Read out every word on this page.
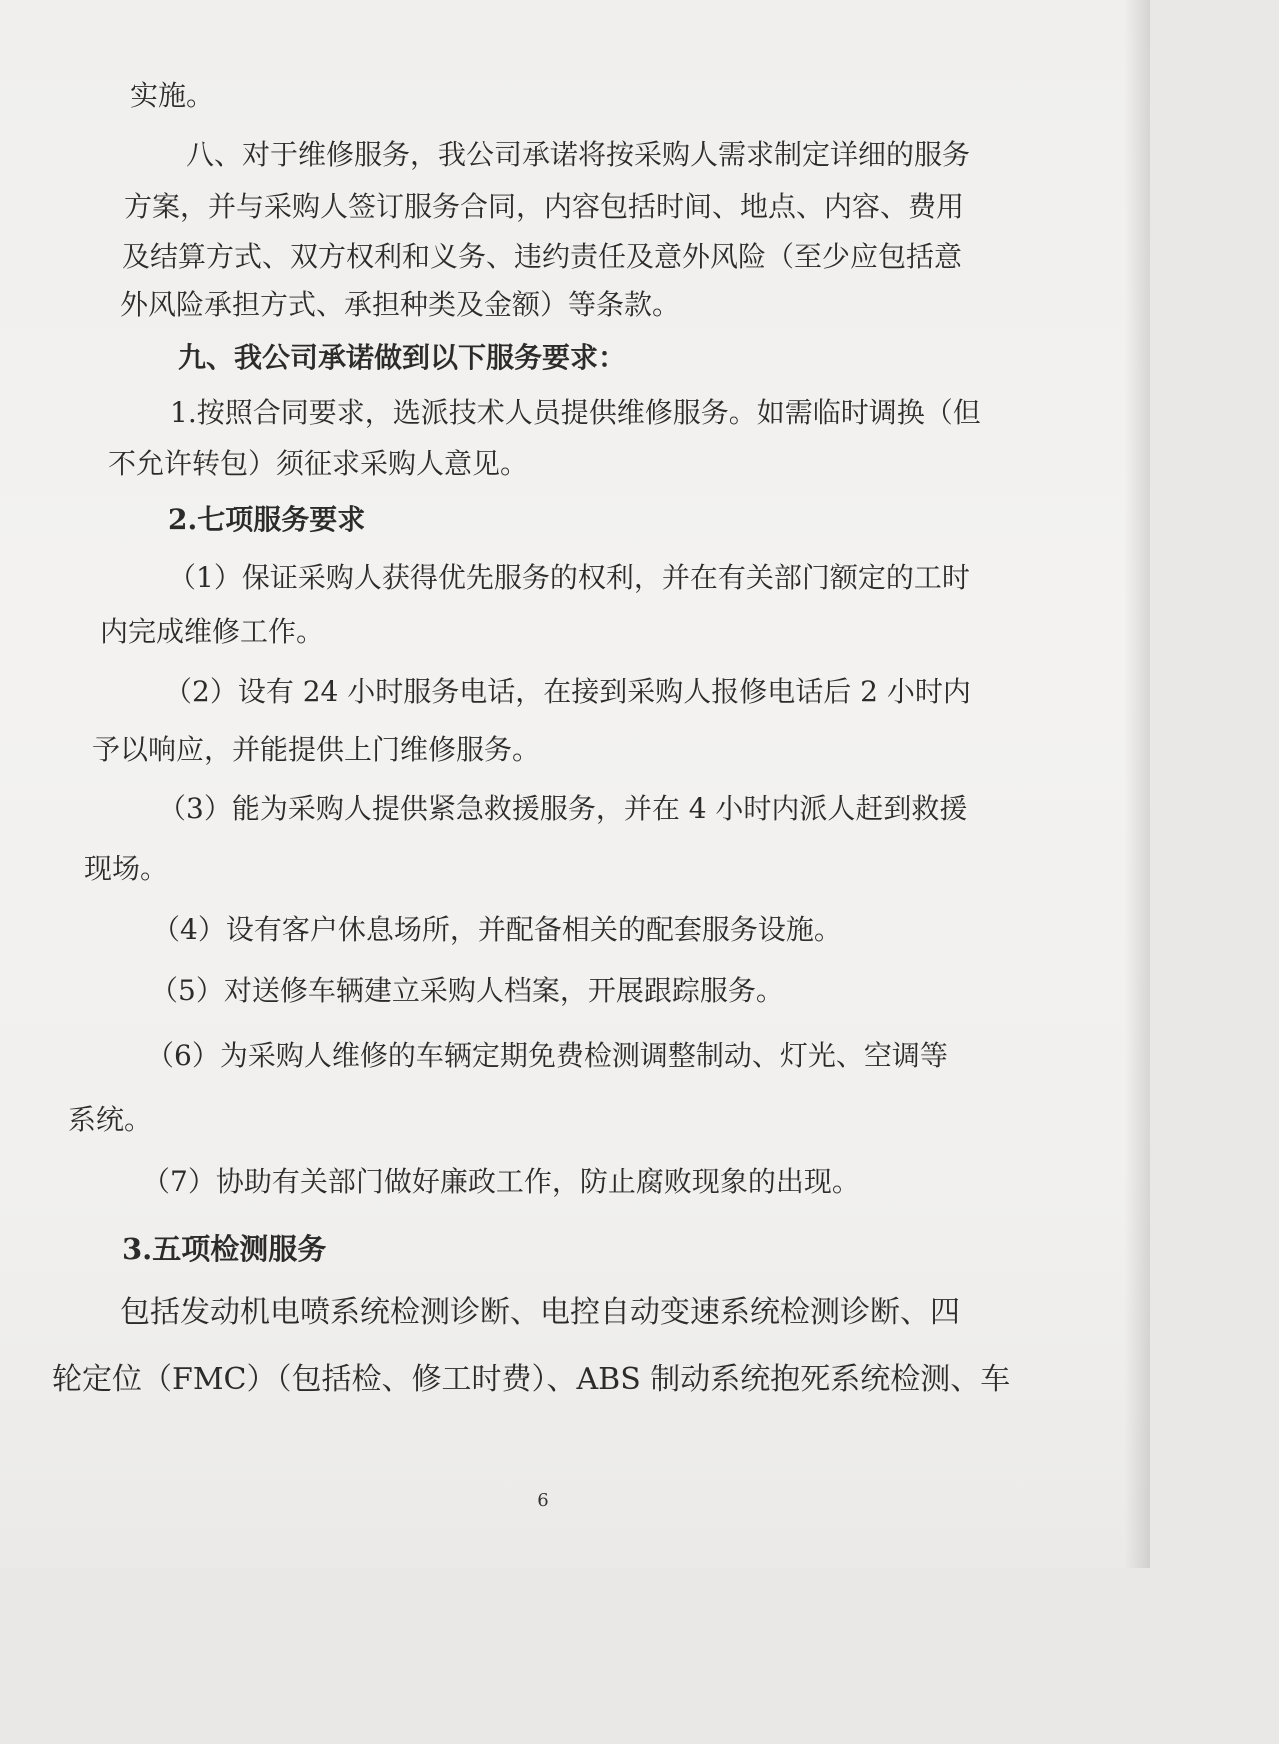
实施。
八、对于维修服务，我公司承诺将按采购人需求制定详细的服务
方案，并与采购人签订服务合同，内容包括时间、地点、内容、费用
及结算方式、双方权利和义务、违约责任及意外风险（至少应包括意
外风险承担方式、承担种类及金额）等条款。
九、我公司承诺做到以下服务要求：
1.按照合同要求，选派技术人员提供维修服务。如需临时调换（但
不允许转包）须征求采购人意见。
2.七项服务要求
（1）保证采购人获得优先服务的权利，并在有关部门额定的工时
内完成维修工作。
（2）设有 24 小时服务电话，在接到采购人报修电话后 2 小时内
予以响应，并能提供上门维修服务。
（3）能为采购人提供紧急救援服务，并在 4 小时内派人赶到救援
现场。
（4）设有客户休息场所，并配备相关的配套服务设施。
（5）对送修车辆建立采购人档案，开展跟踪服务。
（6）为采购人维修的车辆定期免费检测调整制动、灯光、空调等
系统。
（7）协助有关部门做好廉政工作，防止腐败现象的出现。
3.五项检测服务
包括发动机电喷系统检测诊断、电控自动变速系统检测诊断、四
轮定位（FMC）（包括检、修工时费）、ABS 制动系统抱死系统检测、车
6
